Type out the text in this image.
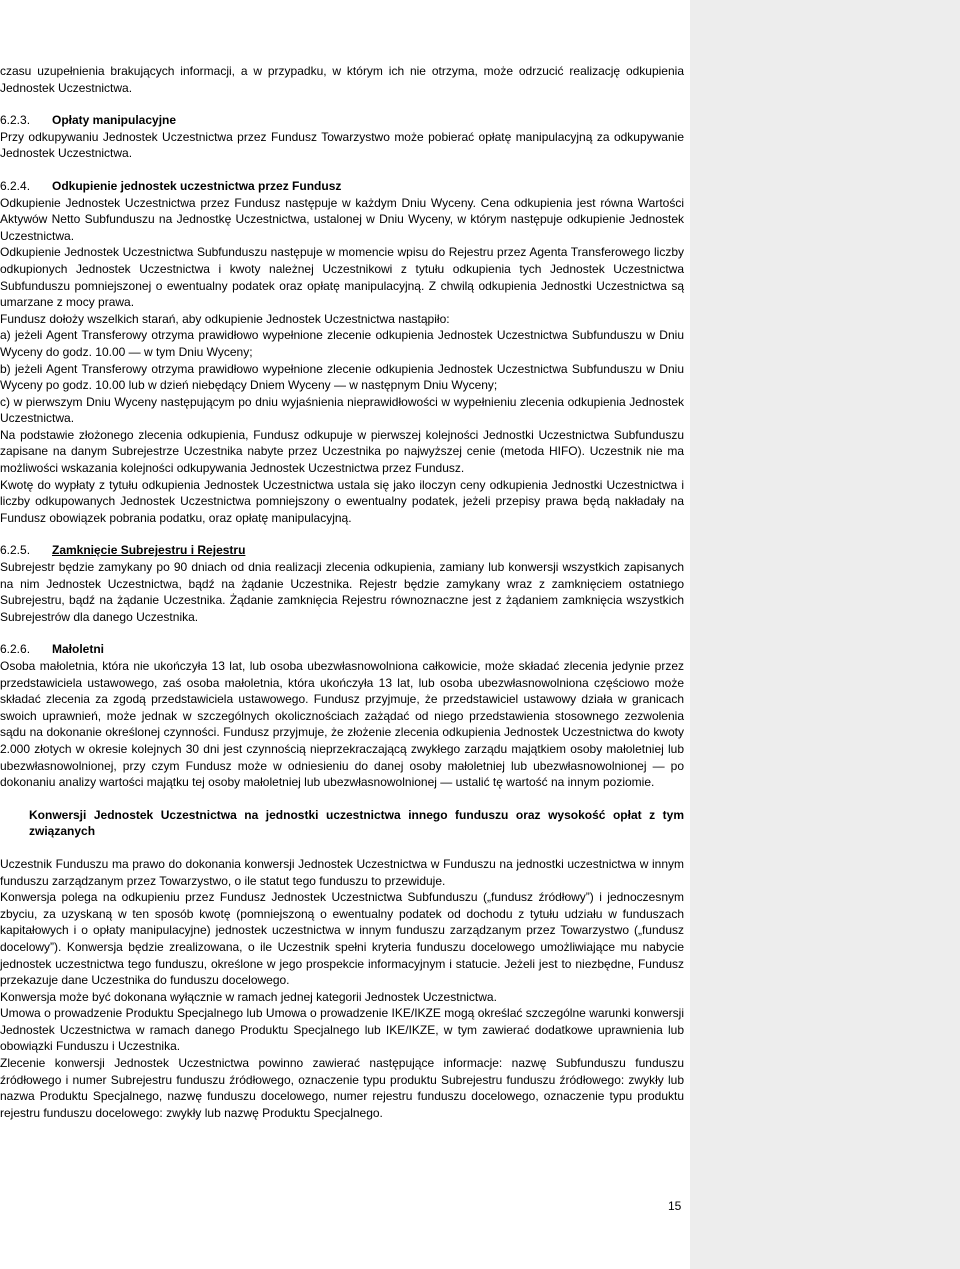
czasu uzupełnienia brakujących informacji, a w przypadku, w którym ich nie otrzyma, może odrzucić realizację odkupienia Jednostek Uczestnictwa.

6.2.3. Opłaty manipulacyjne

Przy odkupywaniu Jednostek Uczestnictwa przez Fundusz Towarzystwo może pobierać opłatę manipulacyjną za odkupywanie Jednostek Uczestnictwa.

6.2.4. Odkupienie jednostek uczestnictwa przez Fundusz

Odkupienie Jednostek Uczestnictwa przez Fundusz następuje w każdym Dniu Wyceny. Cena odkupienia jest równa Wartości Aktywów Netto Subfunduszu na Jednostkę Uczestnictwa, ustalonej w Dniu Wyceny, w którym następuje odkupienie Jednostek Uczestnictwa.

Odkupienie Jednostek Uczestnictwa Subfunduszu następuje w momencie wpisu do Rejestru przez Agenta Transferowego liczby odkupionych Jednostek Uczestnictwa i kwoty należnej Uczestnikowi z tytułu odkupienia tych Jednostek Uczestnictwa Subfunduszu pomniejszonej o ewentualny podatek oraz opłatę manipulacyjną. Z chwilą odkupienia Jednostki Uczestnictwa są umarzane z mocy prawa.

Fundusz dołoży wszelkich starań, aby odkupienie Jednostek Uczestnictwa nastąpiło:

a) jeżeli Agent Transferowy otrzyma prawidłowo wypełnione zlecenie odkupienia Jednostek Uczestnictwa Subfunduszu w Dniu Wyceny do godz. 10.00 — w tym Dniu Wyceny;

b) jeżeli Agent Transferowy otrzyma prawidłowo wypełnione zlecenie odkupienia Jednostek Uczestnictwa Subfunduszu w Dniu Wyceny po godz. 10.00 lub w dzień niebędący Dniem Wyceny — w następnym Dniu Wyceny;

c) w pierwszym Dniu Wyceny następującym po dniu wyjaśnienia nieprawidłowości w wypełnieniu zlecenia odkupienia Jednostek Uczestnictwa.

Na podstawie złożonego zlecenia odkupienia, Fundusz odkupuje w pierwszej kolejności Jednostki Uczestnictwa Subfunduszu zapisane na danym Subrejestrze Uczestnika nabyte przez Uczestnika po najwyższej cenie (metoda HIFO). Uczestnik nie ma możliwości wskazania kolejności odkupywania Jednostek Uczestnictwa przez Fundusz.

Kwotę do wypłaty z tytułu odkupienia Jednostek Uczestnictwa ustala się jako iloczyn ceny odkupienia Jednostki Uczestnictwa i liczby odkupowanych Jednostek Uczestnictwa pomniejszony o ewentualny podatek, jeżeli przepisy prawa będą nakładały na Fundusz obowiązek pobrania podatku, oraz opłatę manipulacyjną.

6.2.5. Zamknięcie Subrejestru i Rejestru

Subrejestr będzie zamykany po 90 dniach od dnia realizacji zlecenia odkupienia, zamiany lub konwersji wszystkich zapisanych na nim Jednostek Uczestnictwa, bądź na żądanie Uczestnika. Rejestr będzie zamykany wraz z zamknięciem ostatniego Subrejestru, bądź na żądanie Uczestnika. Żądanie zamknięcia Rejestru równoznaczne jest z żądaniem zamknięcia wszystkich Subrejestrów dla danego Uczestnika.

6.2.6. Małoletni

Osoba małoletnia, która nie ukończyła 13 lat, lub osoba ubezwłasnowolniona całkowicie, może składać zlecenia jedynie przez przedstawiciela ustawowego, zaś osoba małoletnia, która ukończyła 13 lat, lub osoba ubezwłasnowolniona częściowo może składać zlecenia za zgodą przedstawiciela ustawowego. Fundusz przyjmuje, że przedstawiciel ustawowy działa w granicach swoich uprawnień, może jednak w szczególnych okolicznościach zażądać od niego przedstawienia stosownego zezwolenia sądu na dokonanie określonej czynności. Fundusz przyjmuje, że złożenie zlecenia odkupienia Jednostek Uczestnictwa do kwoty 2.000 złotych w okresie kolejnych 30 dni jest czynnością nieprzekraczającą zwykłego zarządu majątkiem osoby małoletniej lub ubezwłasnowolnionej, przy czym Fundusz może w odniesieniu do danej osoby małoletniej lub ubezwłasnowolnionej — po dokonaniu analizy wartości majątku tej osoby małoletniej lub ubezwłasnowolnionej — ustalić tę wartość na innym poziomie.

Konwersji Jednostek Uczestnictwa na jednostki uczestnictwa innego funduszu oraz wysokość opłat z tym związanych

Uczestnik Funduszu ma prawo do dokonania konwersji Jednostek Uczestnictwa w Funduszu na jednostki uczestnictwa w innym funduszu zarządzanym przez Towarzystwo, o ile statut tego funduszu to przewiduje.

Konwersja polega na odkupieniu przez Fundusz Jednostek Uczestnictwa Subfunduszu („fundusz źródłowy”) i jednoczesnym zbyciu, za uzyskaną w ten sposób kwotę (pomniejszoną o ewentualny podatek od dochodu z tytułu udziału w funduszach kapitałowych i o opłaty manipulacyjne) jednostek uczestnictwa w innym funduszu zarządzanym przez Towarzystwo („fundusz docelowy”). Konwersja będzie zrealizowana, o ile Uczestnik spełni kryteria funduszu docelowego umożliwiające mu nabycie jednostek uczestnictwa tego funduszu, określone w jego prospekcie informacyjnym i statucie. Jeżeli jest to niezbędne, Fundusz przekazuje dane Uczestnika do funduszu docelowego.

Konwersja może być dokonana wyłącznie w ramach jednej kategorii Jednostek Uczestnictwa.

Umowa o prowadzenie Produktu Specjalnego lub Umowa o prowadzenie IKE/IKZE mogą określać szczególne warunki konwersji Jednostek Uczestnictwa w ramach danego Produktu Specjalnego lub IKE/IKZE, w tym zawierać dodatkowe uprawnienia lub obowiązki Funduszu i Uczestnika.

Zlecenie konwersji Jednostek Uczestnictwa powinno zawierać następujące informacje: nazwę Subfunduszu funduszu źródłowego i numer Subrejestru funduszu źródłowego, oznaczenie typu produktu Subrejestru funduszu źródłowego: zwykły lub nazwa Produktu Specjalnego, nazwę funduszu docelowego, numer rejestru funduszu docelowego, oznaczenie typu produktu rejestru funduszu docelowego: zwykły lub nazwę Produktu Specjalnego.

15
